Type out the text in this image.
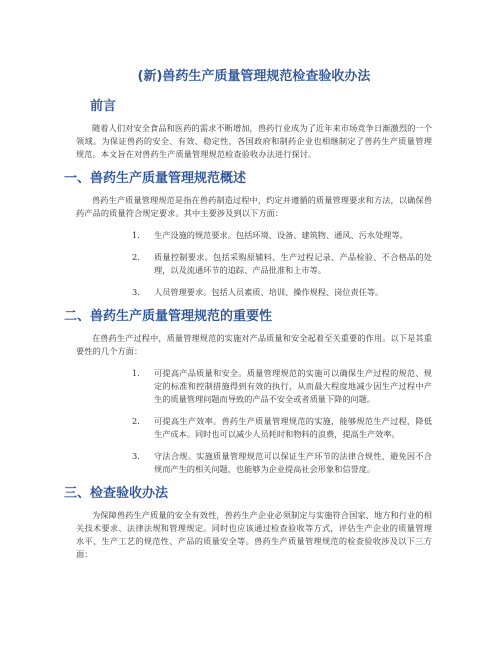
(新)兽药生产质量管理规范检查验收办法
前言

随着人们对安全食品和医药的需求不断增加，兽药行业成为了近年来市场竞争日渐激烈的一个领域。为保证兽药的安全、有效、稳定性，各国政府和制药企业也相继制定了兽药生产质量管理规范。本文旨在对兽药生产质量管理规范检查验收办法进行探讨。

一、兽药生产质量管理规范概述

兽药生产质量管理规范是指在兽药制造过程中，约定并遵循的质量管理要求和方法，以确保兽药产品的质量符合规定要求。其中主要涉及到以下方面：

1.	生产设施的规范要求。包括环境、设备、建筑物、通风、污水处理等。
2.	质量控制要求。包括采购原辅料、生产过程记录、产品检验、不合格品的处理，以及流通环节的追踪、产品批准和上市等。
3.	人员管理要求。包括人员素质、培训、操作规程、岗位责任等。
二、兽药生产质量管理规范的重要性

在兽药生产过程中，质量管理规范的实施对产品质量和安全起着至关重要的作用。以下是其重要性的几个方面：

1.	可提高产品质量和安全。质量管理规范的实施可以确保生产过程的规范、规定的标准和控制措施得到有效的执行，从而最大程度地减少因生产过程中产生的质量管理问题而导致的产品不安全或者质量下降的问题。
2.	可提高生产效率。兽药生产质量管理规范的实施，能够规范生产过程，降低生产成本。同时也可以减少人员耗时和物料的浪费，提高生产效率。
3.	守法合规。实施质量管理规范可以保证生产环节的法律合规性，避免因不合规而产生的相关问题，也能够为企业提高社会形象和信誉度。
三、检查验收办法

为保障兽药生产质量的安全有效性，兽药生产企业必须制定与实施符合国家、地方和行业的相关技术要求、法律法规和管理规定。同时也应该通过检查验收等方式，评估生产企业的质量管理水平、生产工艺的规范性、产品的质量安全等。兽药生产质量管理规范的检查验收涉及以下三方面：
